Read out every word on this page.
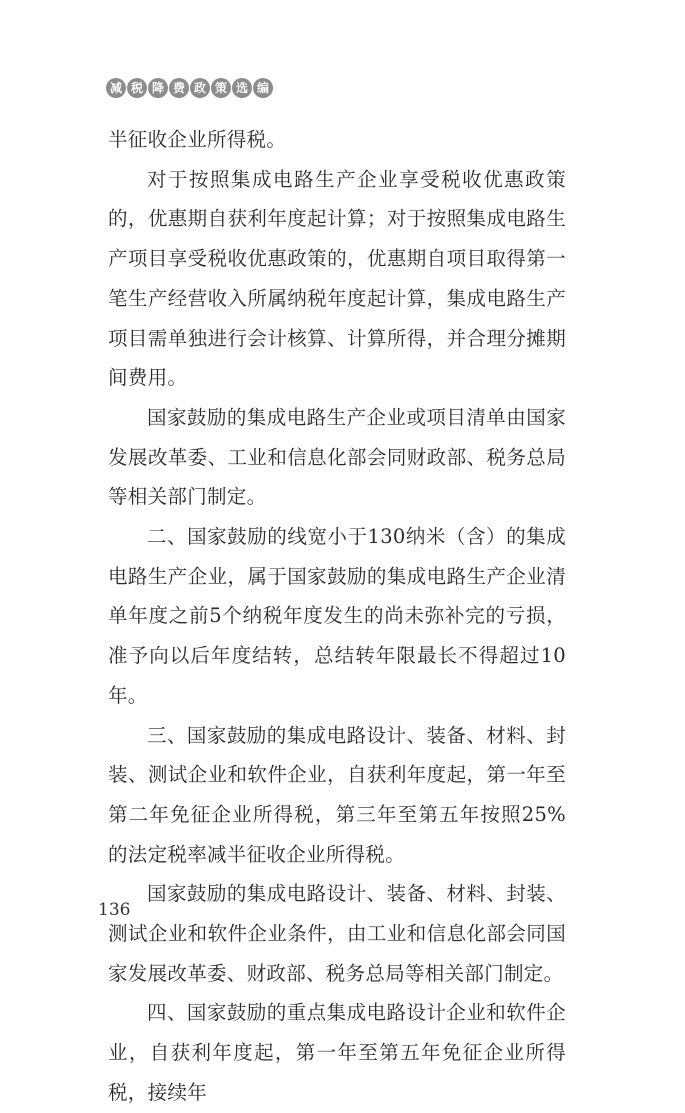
减 税 降 费 政 策 选 编

半征收企业所得税。

对于按照集成电路生产企业享受税收优惠政策的，优惠期自获利年度起计算；对于按照集成电路生产项目享受税收优惠政策的，优惠期自项目取得第一笔生产经营收入所属纳税年度起计算，集成电路生产项目需单独进行会计核算、计算所得，并合理分摊期间费用。

国家鼓励的集成电路生产企业或项目清单由国家发展改革委、工业和信息化部会同财政部、税务总局等相关部门制定。

二、国家鼓励的线宽小于130纳米（含）的集成电路生产企业，属于国家鼓励的集成电路生产企业清单年度之前5个纳税年度发生的尚未弥补完的亏损，准予向以后年度结转，总结转年限最长不得超过10年。

三、国家鼓励的集成电路设计、装备、材料、封装、测试企业和软件企业，自获利年度起，第一年至第二年免征企业所得税，第三年至第五年按照25%的法定税率减半征收企业所得税。

国家鼓励的集成电路设计、装备、材料、封装、测试企业和软件企业条件，由工业和信息化部会同国家发展改革委、财政部、税务总局等相关部门制定。

四、国家鼓励的重点集成电路设计企业和软件企业，自获利年度起，第一年至第五年免征企业所得税，接续年

136
